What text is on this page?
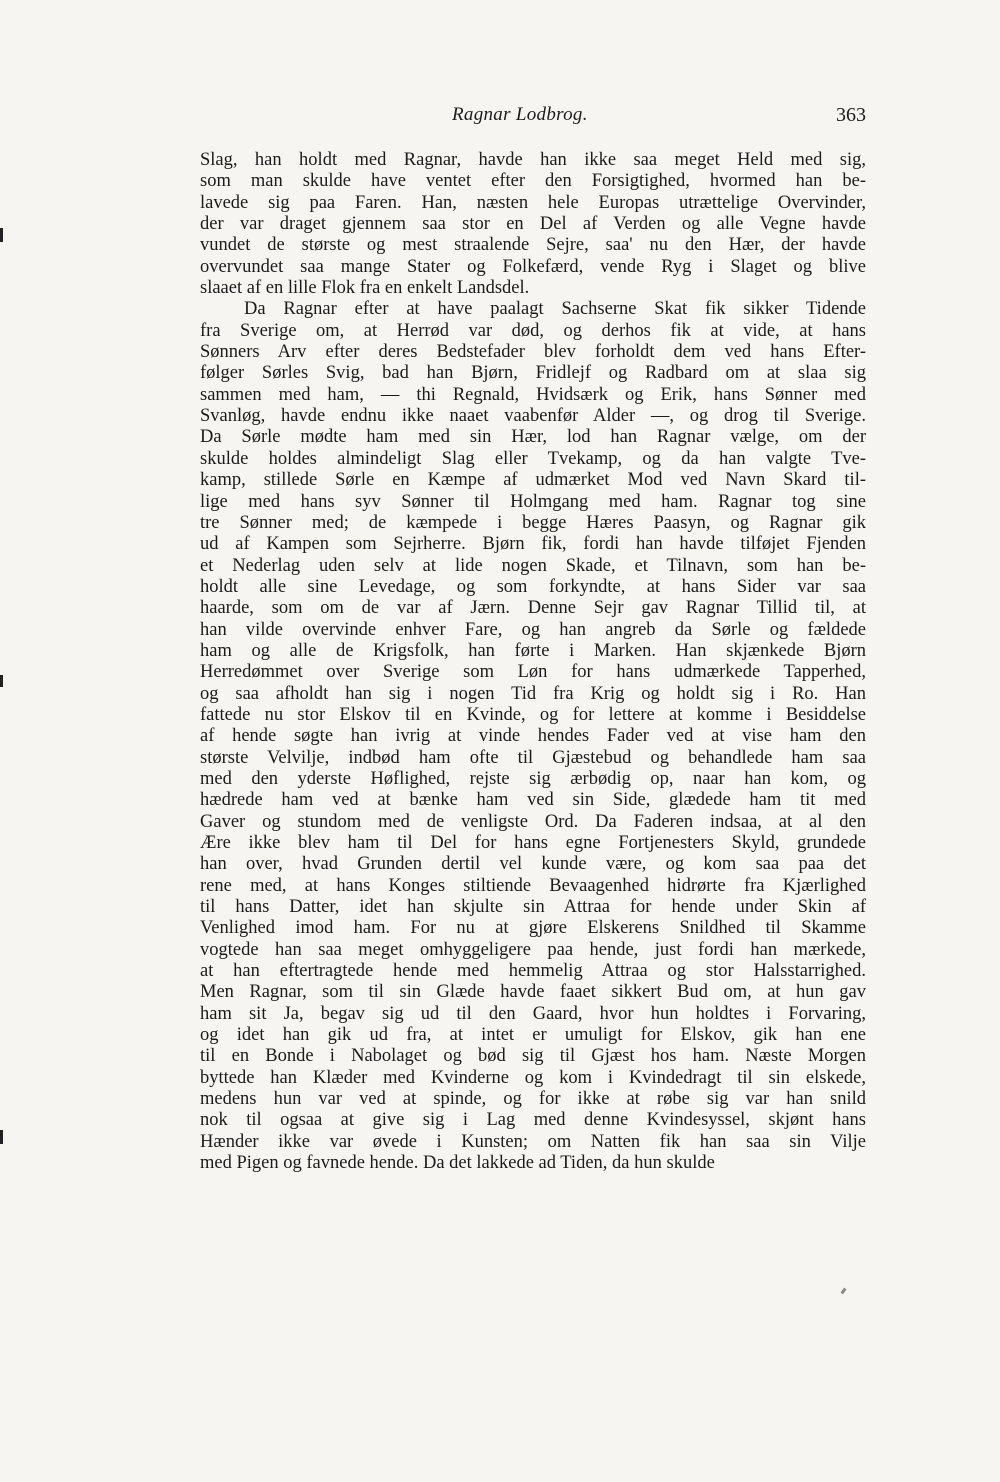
Ragnar Lodbrog.	363
Slag, han holdt med Ragnar, havde han ikke saa meget Held med sig,
som man skulde have ventet efter den Forsigtighed, hvormed han be-
lavede sig paa Faren. Han, næsten hele Europas utrættelige Overvinder,
der var draget gjennem saa stor en Del af Verden og alle Vegne havde
vundet de største og mest straalende Sejre, saa' nu den Hær, der havde
overvundet saa mange Stater og Folkefærd, vende Ryg i Slaget og blive
slaaet af en lille Flok fra en enkelt Landsdel.
Da Ragnar efter at have paalagt Sachserne Skat fik sikker Tidende
fra Sverige om, at Herrød var død, og derhos fik at vide, at hans
Sønners Arv efter deres Bedstefader blev forholdt dem ved hans Efter-
følger Sørles Svig, bad han Bjørn, Fridlejf og Radbard om at slaa sig
sammen med ham, — thi Regnald, Hvidsærk og Erik, hans Sønner med
Svanløg, havde endnu ikke naaet vaabenfør Alder —, og drog til Sverige.
Da Sørle mødte ham med sin Hær, lod han Ragnar vælge, om der
skulde holdes almindeligt Slag eller Tvekamp, og da han valgte Tve-
kamp, stillede Sørle en Kæmpe af udmærket Mod ved Navn Skard til-
lige med hans syv Sønner til Holmgang med ham. Ragnar tog sine
tre Sønner med; de kæmpede i begge Hæres Paasyn, og Ragnar gik
ud af Kampen som Sejrherre. Bjørn fik, fordi han havde tilføjet Fjenden
et Nederlag uden selv at lide nogen Skade, et Tilnavn, som han be-
holdt alle sine Levedage, og som forkyndte, at hans Sider var saa
haarde, som om de var af Jærn. Denne Sejr gav Ragnar Tillid til, at
han vilde overvinde enhver Fare, og han angreb da Sørle og fældede
ham og alle de Krigsfolk, han førte i Marken. Han skjænkede Bjørn
Herredømmet over Sverige som Løn for hans udmærkede Tapperhed,
og saa afholdt han sig i nogen Tid fra Krig og holdt sig i Ro. Han
fattede nu stor Elskov til en Kvinde, og for lettere at komme i Besiddelse
af hende søgte han ivrig at vinde hendes Fader ved at vise ham den
største Velvilje, indbød ham ofte til Gjæstebud og behandlede ham saa
med den yderste Høflighed, rejste sig ærbødig op, naar han kom, og
hædrede ham ved at bænke ham ved sin Side, glædede ham tit med
Gaver og stundom med de venligste Ord. Da Faderen indsaa, at al den
Ære ikke blev ham til Del for hans egne Fortjenesters Skyld, grundede
han over, hvad Grunden dertil vel kunde være, og kom saa paa det
rene med, at hans Konges stiltiende Bevaagenhed hidrørte fra Kjærlighed
til hans Datter, idet han skjulte sin Attraa for hende under Skin af
Venlighed imod ham. For nu at gjøre Elskerens Snildhed til Skamme
vogtede han saa meget omhyggeligere paa hende, just fordi han mærkede,
at han eftertragtede hende med hemmelig Attraa og stor Halsstarrighed.
Men Ragnar, som til sin Glæde havde faaet sikkert Bud om, at hun gav
ham sit Ja, begav sig ud til den Gaard, hvor hun holdtes i Forvaring,
og idet han gik ud fra, at intet er umuligt for Elskov, gik han ene
til en Bonde i Nabolaget og bød sig til Gjæst hos ham. Næste Morgen
byttede han Klæder med Kvinderne og kom i Kvindedragt til sin elskede,
medens hun var ved at spinde, og for ikke at røbe sig var han snild
nok til ogsaa at give sig i Lag med denne Kvindesyssel, skjønt hans
Hænder ikke var øvede i Kunsten; om Natten fik han saa sin Vilje
med Pigen og favnede hende. Da det lakkede ad Tiden, da hun skulde
